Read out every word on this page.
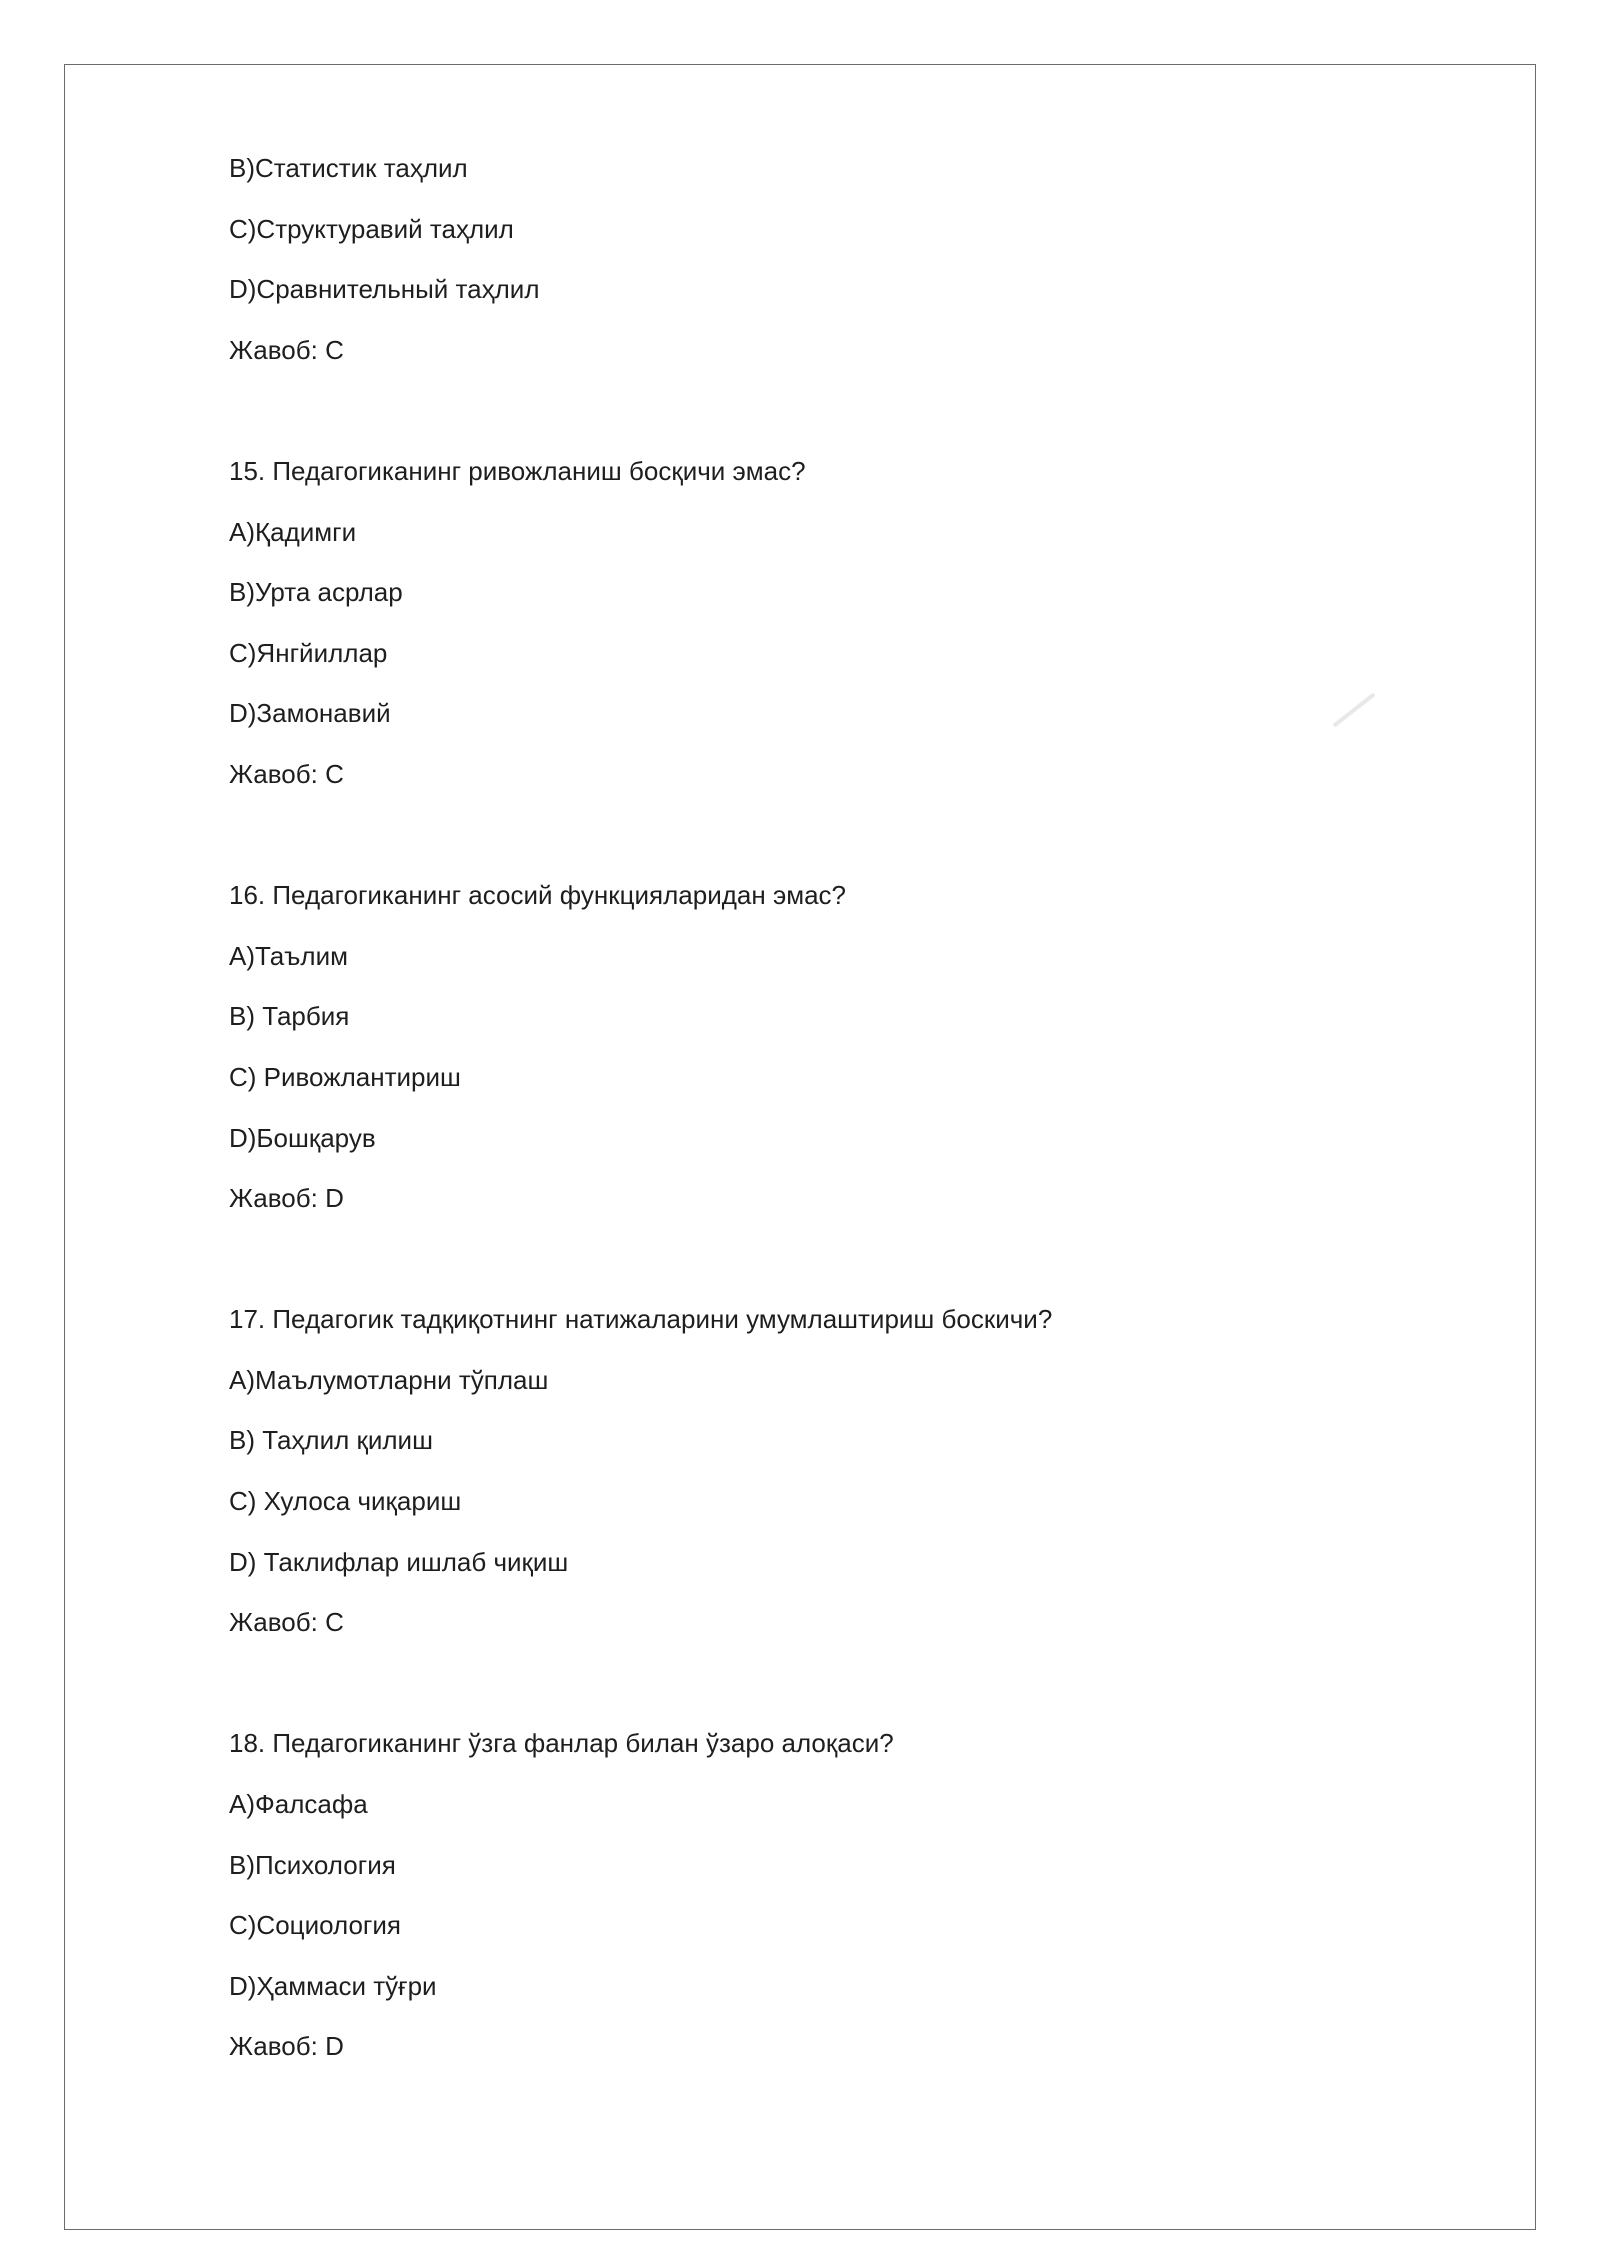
B)Статистик таҳлил
C)Структуравий таҳлил
D)Сравнительный таҳлил
Жавоб: C
15. Педагогиканинг ривожланиш босқичи эмас?
A)Қадимги
B)Урта асрлар
C)Янгйиллар
D)Замонавий
Жавоб: C
16. Педагогиканинг асосий функцияларидан эмас?
A)Таълим
B) Тарбия
C) Ривожлантириш
D)Бошқарув
Жавоб: D
17. Педагогик тадқиқотнинг натижаларини умумлаштириш боскичи?
A)Маълумотларни тўплаш
B) Таҳлил қилиш
C) Хулоса чиқариш
D) Таклифлар ишлаб чиқиш
Жавоб: C
18. Педагогиканинг ўзга фанлар билан ўзаро алоқаси?
A)Фалсафа
B)Психология
C)Социология
D)Ҳаммаси тўғри
Жавоб: D
